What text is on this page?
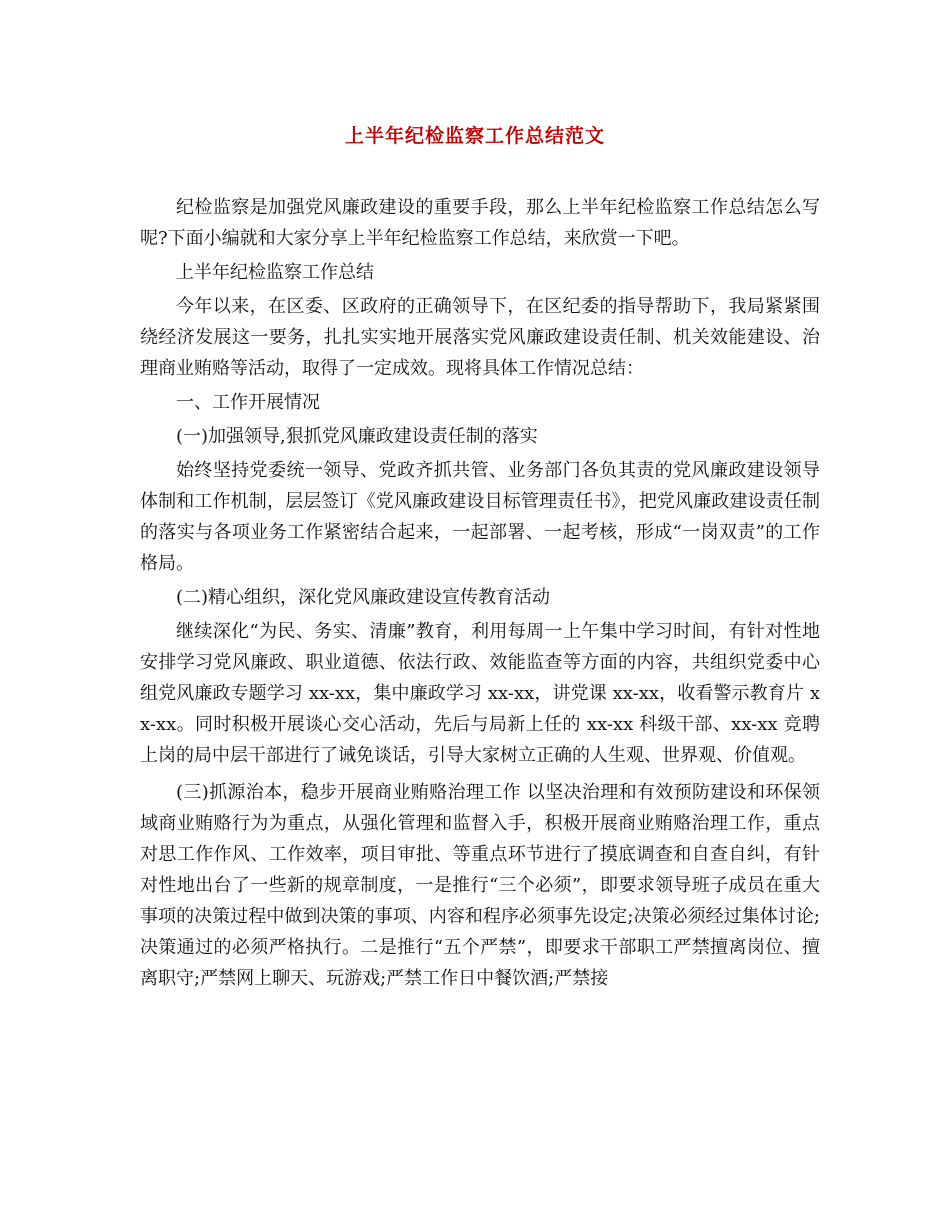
上半年纪检监察工作总结范文

纪检监察是加强党风廉政建设的重要手段，那么上半年纪检监察工作总结怎么写呢?下面小编就和大家分享上半年纪检监察工作总结，来欣赏一下吧。

上半年纪检监察工作总结

今年以来，在区委、区政府的正确领导下，在区纪委的指导帮助下，我局紧紧围绕经济发展这一要务，扎扎实实地开展落实党风廉政建设责任制、机关效能建设、治理商业贿赂等活动，取得了一定成效。现将具体工作情况总结：

一、工作开展情况

(一)加强领导,狠抓党风廉政建设责任制的落实

始终坚持党委统一领导、党政齐抓共管、业务部门各负其责的党风廉政建设领导体制和工作机制，层层签订《党风廉政建设目标管理责任书》，把党风廉政建设责任制的落实与各项业务工作紧密结合起来，一起部署、一起考核，形成“一岗双责”的工作格局。

(二)精心组织，深化党风廉政建设宣传教育活动

继续深化“为民、务实、清廉”教育，利用每周一上午集中学习时间，有针对性地安排学习党风廉政、职业道德、依法行政、效能监查等方面的内容，共组织党委中心组党风廉政专题学习 xx-xx，集中廉政学习 xx-xx，讲党课 xx-xx，收看警示教育片 xx-xx。同时积极开展谈心交心活动，先后与局新上任的 xx-xx 科级干部、xx-xx 竞聘上岗的局中层干部进行了诫免谈话，引导大家树立正确的人生观、世界观、价值观。

(三)抓源治本，稳步开展商业贿赂治理工作 以坚决治理和有效预防建设和环保领域商业贿赂行为为重点，从强化管理和监督入手，积极开展商业贿赂治理工作，重点对思工作作风、工作效率，项目审批、等重点环节进行了摸底调查和自查自纠，有针对性地出台了一些新的规章制度，一是推行“三个必须”，即要求领导班子成员在重大事项的决策过程中做到决策的事项、内容和程序必须事先设定;决策必须经过集体讨论;决策通过的必须严格执行。二是推行“五个严禁”，即要求干部职工严禁擅离岗位、擅离职守;严禁网上聊天、玩游戏;严禁工作日中餐饮酒;严禁接
